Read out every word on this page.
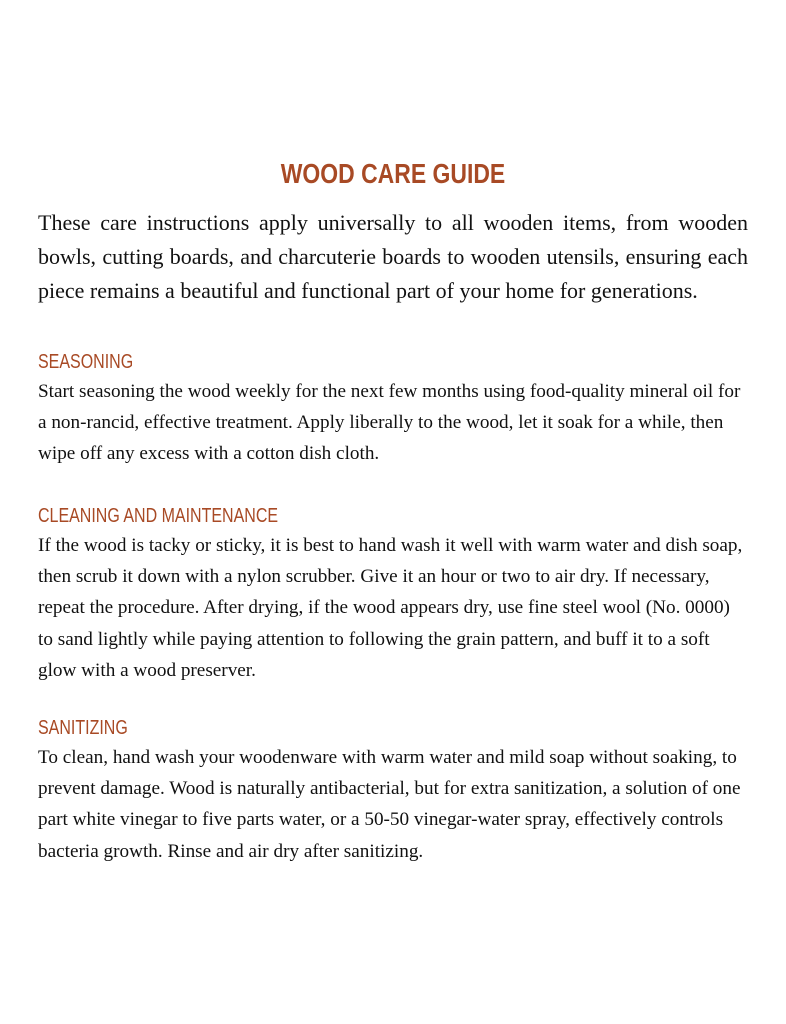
WOOD CARE GUIDE

These care instructions apply universally to all wooden items, from wooden bowls, cutting boards, and charcuterie boards to wooden utensils, ensuring each piece remains a beautiful and functional part of your home for generations.

SEASONING

Start seasoning the wood weekly for the next few months using food-quality mineral oil for a non-rancid, effective treatment. Apply liberally to the wood, let it soak for a while, then wipe off any excess with a cotton dish cloth.

CLEANING AND MAINTENANCE

If the wood is tacky or sticky, it is best to hand wash it well with warm water and dish soap, then scrub it down with a nylon scrubber. Give it an hour or two to air dry. If necessary, repeat the procedure. After drying, if the wood appears dry, use fine steel wool (No. 0000) to sand lightly while paying attention to following the grain pattern, and buff it to a soft glow with a wood preserver.

SANITIZING

To clean, hand wash your woodenware with warm water and mild soap without soaking, to prevent damage. Wood is naturally antibacterial, but for extra sanitization, a solution of one part white vinegar to five parts water, or a 50-50 vinegar-water spray, effectively controls bacteria growth. Rinse and air dry after sanitizing.
